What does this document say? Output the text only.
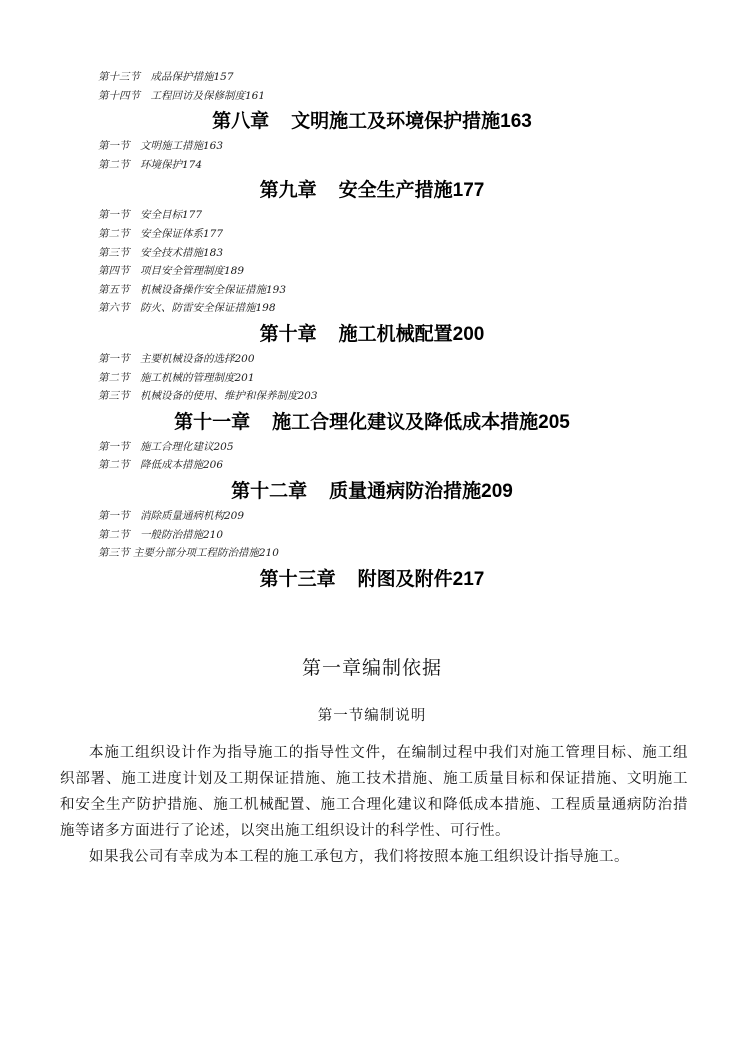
第十三节　成品保护措施157
第十四节　工程回访及保修制度161
第八章 文明施工及环境保护措施163
第一节　文明施工措施163
第二节　环境保护174
第九章 安全生产措施177
第一节　安全目标177
第二节　安全保证体系177
第三节　安全技术措施183
第四节　项目安全管理制度189
第五节　机械设备操作安全保证措施193
第六节　防火、防雷安全保证措施198
第十章 施工机械配置200
第一节　主要机械设备的选择200
第二节　施工机械的管理制度201
第三节　机械设备的使用、维护和保养制度203
第十一章 施工合理化建议及降低成本措施205
第一节　施工合理化建议205
第二节　降低成本措施206
第十二章 质量通病防治措施209
第一节　消除质量通病机构209
第二节　一般防治措施210
第三节 主要分部分项工程防治措施210
第十三章 附图及附件217
第一章编制依据
第一节编制说明

本施工组织设计作为指导施工的指导性文件，在编制过程中我们对施工管理目标、施工组织部署、施工进度计划及工期保证措施、施工技术措施、施工质量目标和保证措施、文明施工和安全生产防护措施、施工机械配置、施工合理化建议和降低成本措施、工程质量通病防治措施等诸多方面进行了论述，以突出施工组织设计的科学性、可行性。

如果我公司有幸成为本工程的施工承包方，我们将按照本施工组织设计指导施工。
